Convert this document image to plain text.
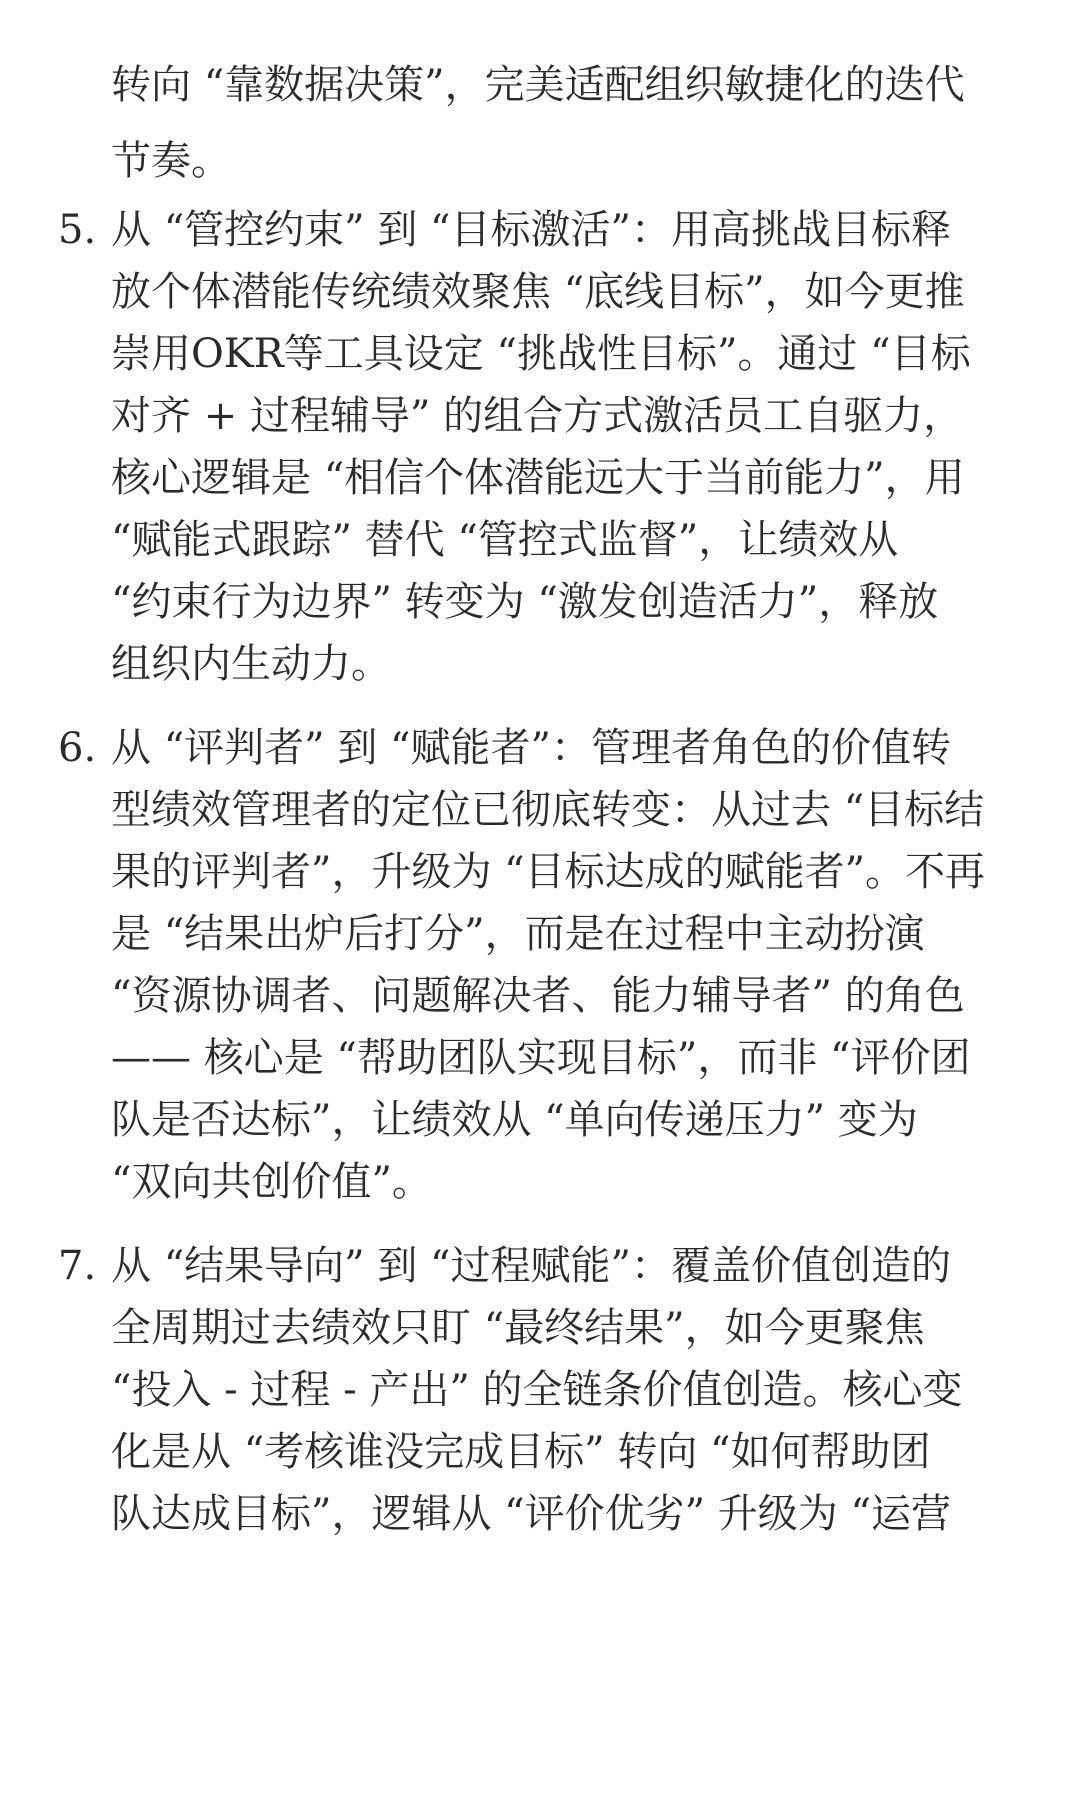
转向 “靠数据决策”，完美适配组织敏捷化的迭代
节奏。
5. 从 “管控约束” 到 “目标激活”：用高挑战目标释
放个体潜能传统绩效聚焦 “底线目标”，如今更推
崇用OKR等工具设定 “挑战性目标”。通过 “目标
对齐 + 过程辅导” 的组合方式激活员工自驱力，
核心逻辑是 “相信个体潜能远大于当前能力”，用
“赋能式跟踪” 替代 “管控式监督”，让绩效从
“约束行为边界” 转变为 “激发创造活力”，释放
组织内生动力。
6. 从 “评判者” 到 “赋能者”：管理者角色的价值转
型绩效管理者的定位已彻底转变：从过去 “目标结
果的评判者”，升级为 “目标达成的赋能者”。不再
是 “结果出炉后打分”，而是在过程中主动扮演
“资源协调者、问题解决者、能力辅导者” 的角色
—— 核心是 “帮助团队实现目标”，而非 “评价团
队是否达标”，让绩效从 “单向传递压力” 变为
“双向共创价值”。
7. 从 “结果导向” 到 “过程赋能”：覆盖价值创造的
全周期过去绩效只盯 “最终结果”，如今更聚焦
“投入 - 过程 - 产出” 的全链条价值创造。核心变
化是从 “考核谁没完成目标” 转向 “如何帮助团
队达成目标”，逻辑从 “评价优劣” 升级为 “运营
